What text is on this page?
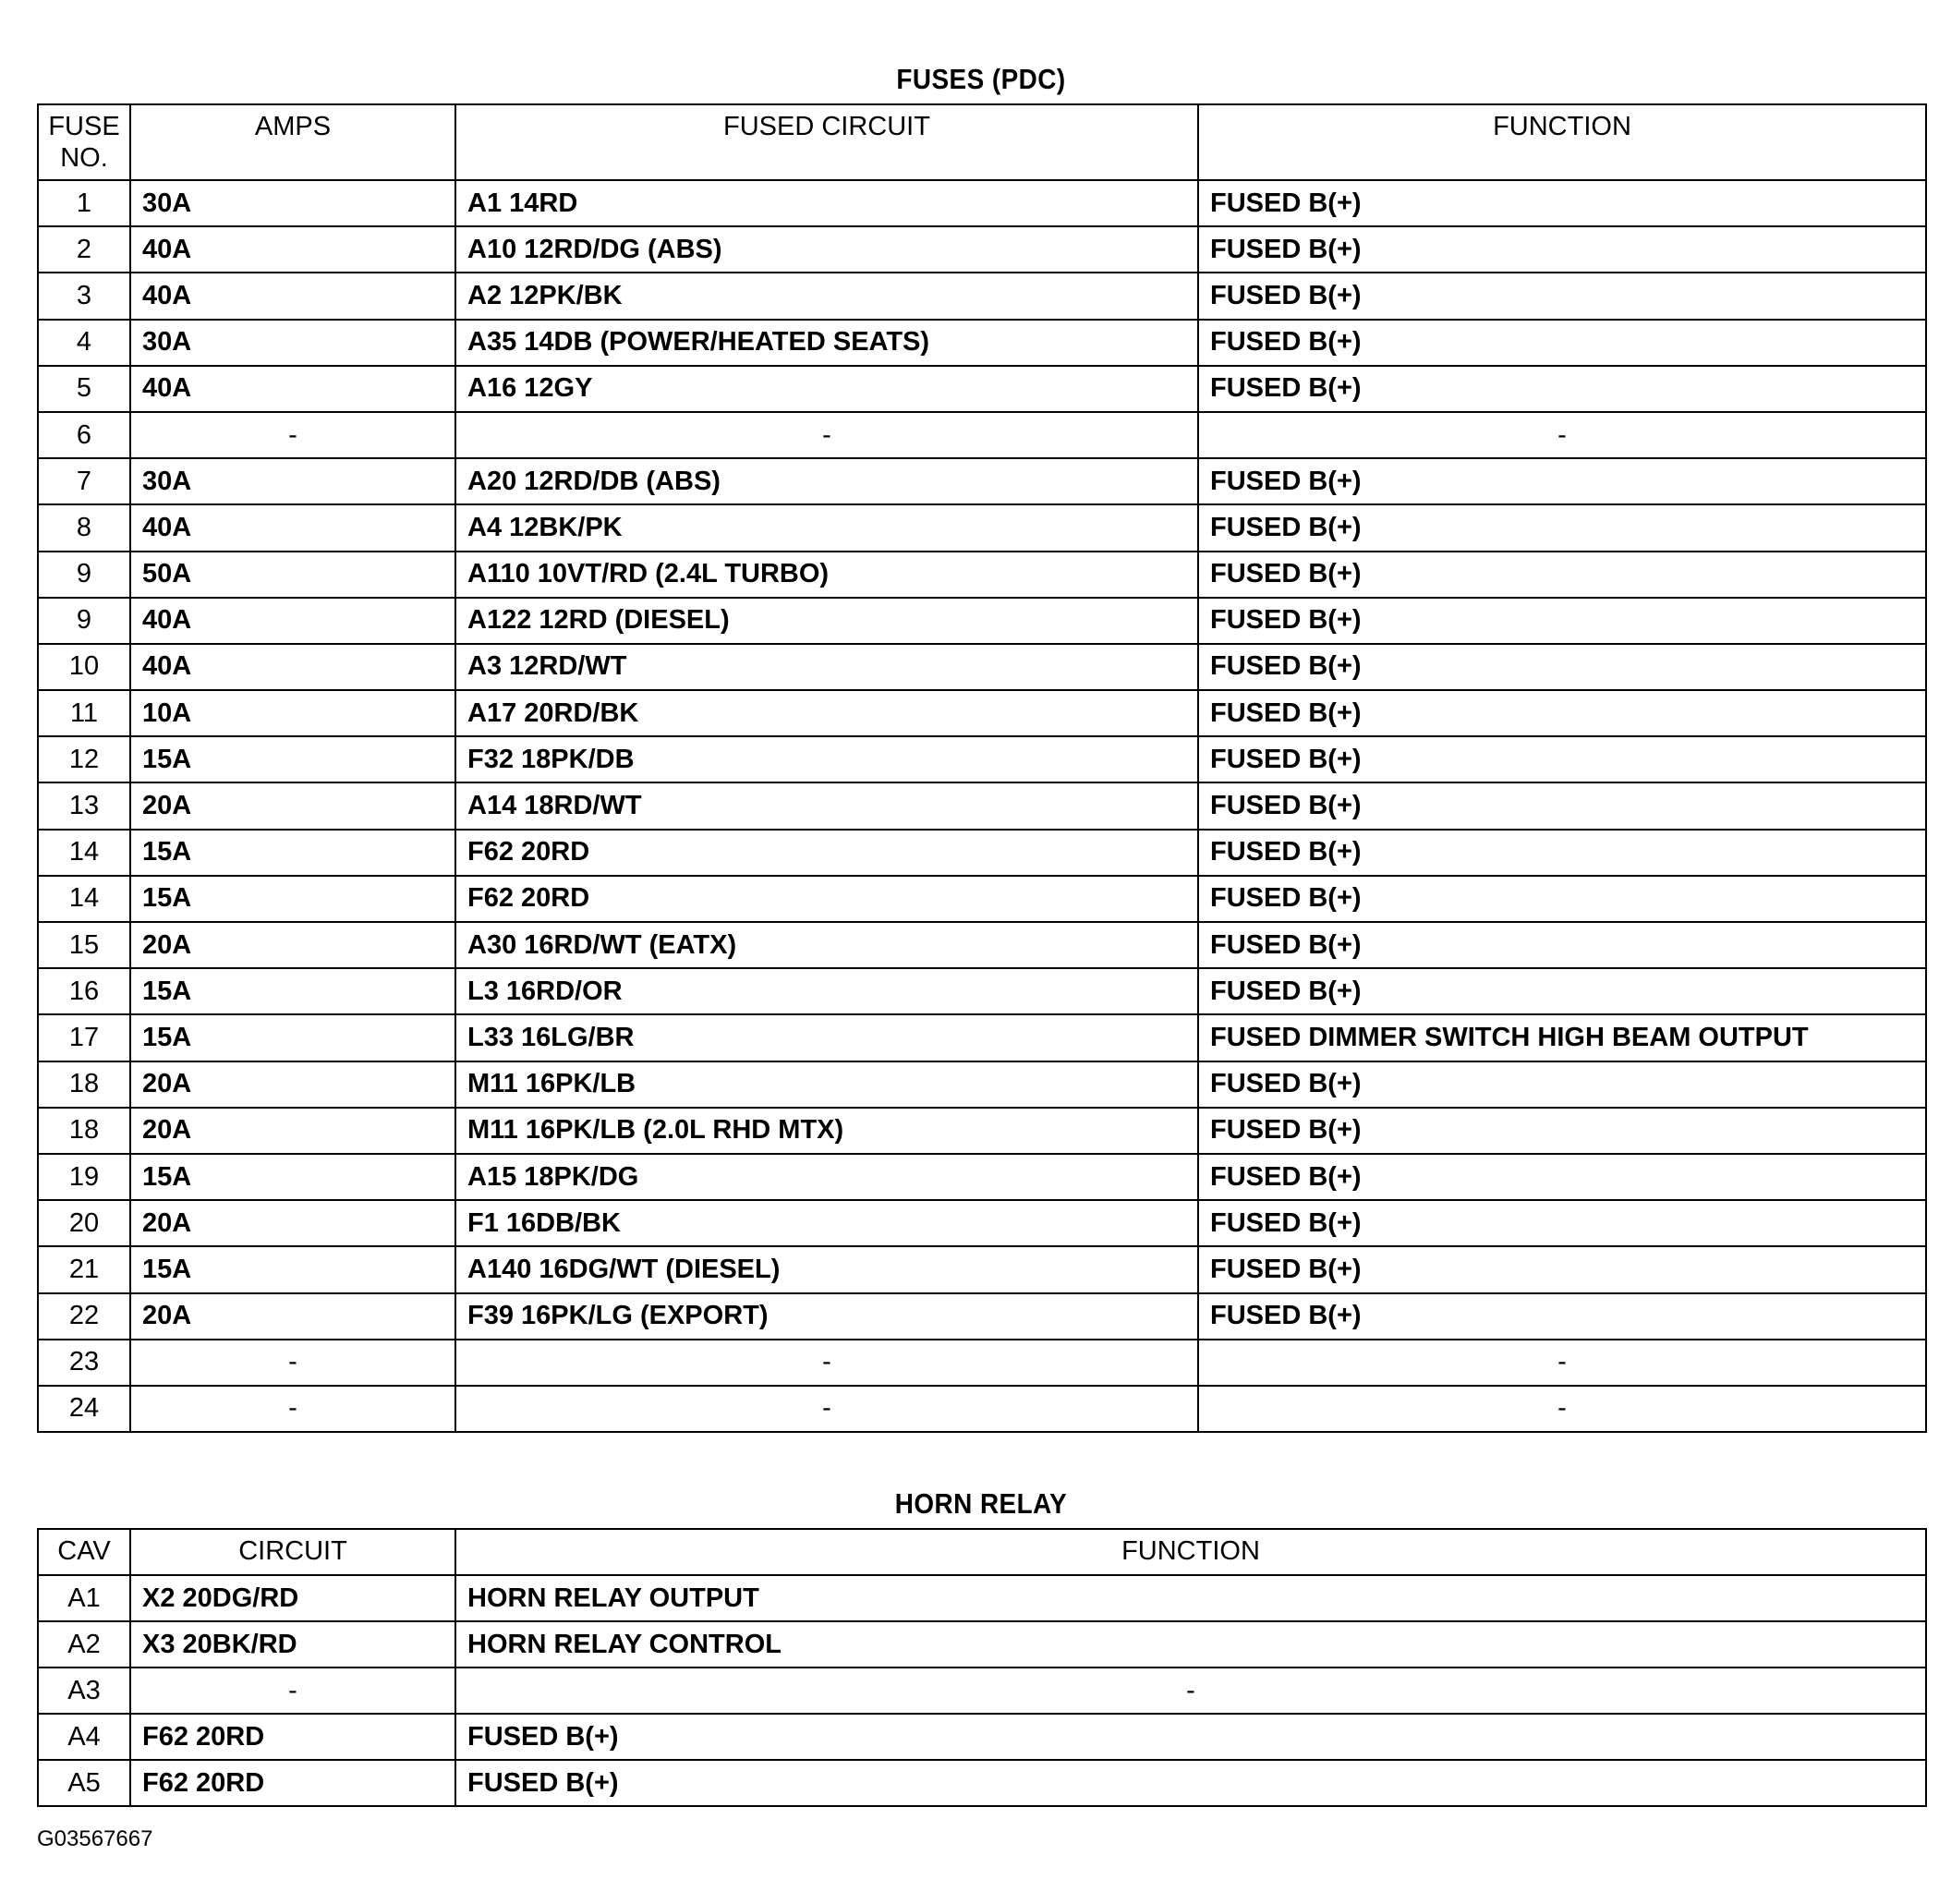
FUSES (PDC)
FUSE
NO.	AMPS	FUSED CIRCUIT	FUNCTION

1	30A	A1 14RD	FUSED B(+)
2	40A	A10 12RD/DG (ABS)	FUSED B(+)
3	40A	A2 12PK/BK	FUSED B(+)
4	30A	A35 14DB (POWER/HEATED SEATS)	FUSED B(+)
5	40A	A16 12GY	FUSED B(+)
6	-	-	-
7	30A	A20 12RD/DB (ABS)	FUSED B(+)
8	40A	A4 12BK/PK	FUSED B(+)
9	50A	A110 10VT/RD (2.4L TURBO)	FUSED B(+)
9	40A	A122 12RD (DIESEL)	FUSED B(+)
10	40A	A3 12RD/WT	FUSED B(+)
11	10A	A17 20RD/BK	FUSED B(+)
12	15A	F32 18PK/DB	FUSED B(+)
13	20A	A14 18RD/WT	FUSED B(+)
14	15A	F62 20RD	FUSED B(+)
14	15A	F62 20RD	FUSED B(+)
15	20A	A30 16RD/WT (EATX)	FUSED B(+)
16	15A	L3 16RD/OR	FUSED B(+)
17	15A	L33 16LG/BR	FUSED DIMMER SWITCH HIGH BEAM OUTPUT
18	20A	M11 16PK/LB	FUSED B(+)
18	20A	M11 16PK/LB (2.0L RHD MTX)	FUSED B(+)
19	15A	A15 18PK/DG	FUSED B(+)
20	20A	F1 16DB/BK	FUSED B(+)
21	15A	A140 16DG/WT (DIESEL)	FUSED B(+)
22	20A	F39 16PK/LG (EXPORT)	FUSED B(+)
23	-	-	-
24	-	-	-
HORN RELAY
CAV	CIRCUIT	FUNCTION

A1	X2 20DG/RD	HORN RELAY OUTPUT
A2	X3 20BK/RD	HORN RELAY CONTROL
A3	-	-
A4	F62 20RD	FUSED B(+)
A5	F62 20RD	FUSED B(+)
G03567667
